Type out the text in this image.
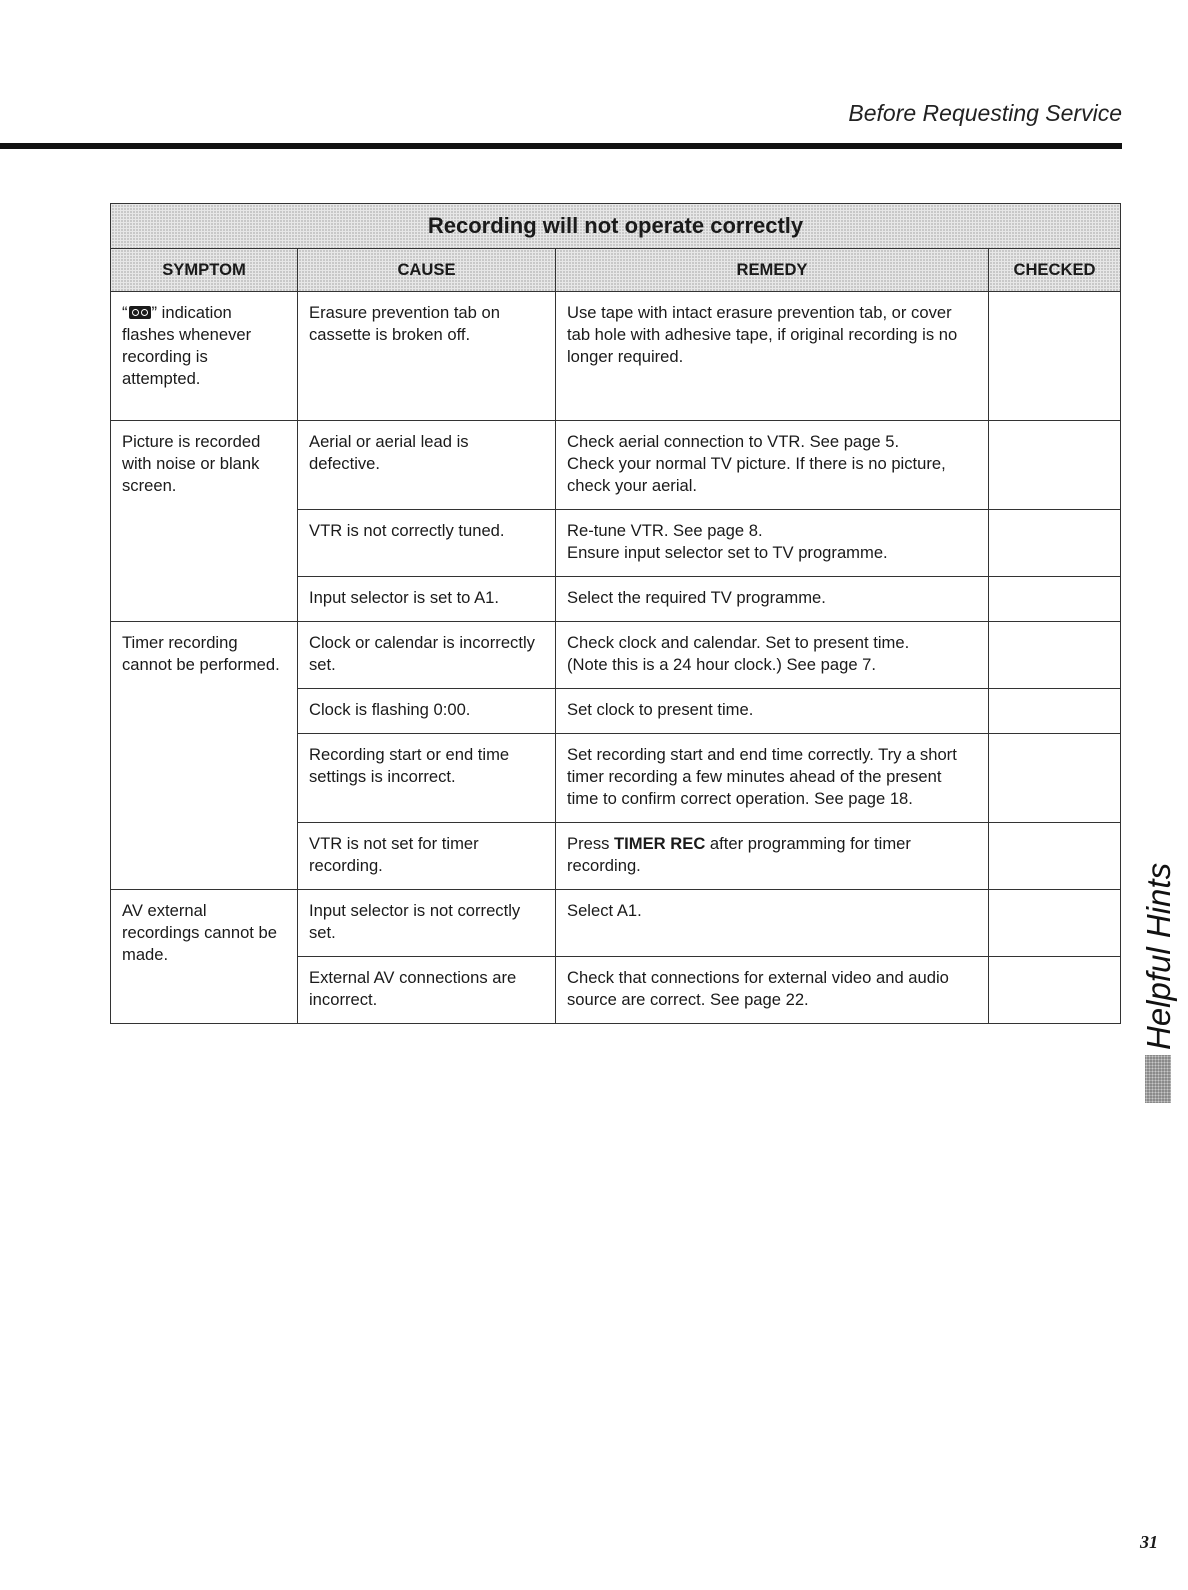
Before Requesting Service
Recording will not operate correctly			
SYMPTOM	CAUSE	REMEDY	CHECKED
“ ” indication flashes whenever recording is attempted.	Erasure prevention tab on cassette is broken off.	Use tape with intact erasure prevention tab, or cover tab hole with adhesive tape, if original recording is no longer required.	
Picture is recorded with noise or blank screen.	Aerial or aerial lead is defective.	Check aerial connection to VTR. See page 5.
Check your normal TV picture. If there is no picture, check your aerial.	

	VTR is not correctly tuned.	Re-tune VTR. See page 8.
Ensure input selector set to TV programme.	

	Input selector is set to A1.	Select the required TV programme.	
Timer recording cannot be performed.	Clock or calendar is incorrectly set.	Check clock and calendar. Set to present time.
(Note this is a 24 hour clock.) See page 7.	

	Clock is flashing 0:00.	Set clock to present time.	
	Recording start or end time settings is incorrect.	Set recording start and end time correctly. Try a short timer recording a few minutes ahead of the present time to confirm correct operation. See page 18.	
	VTR is not set for timer recording.	Press TIMER REC after programming for timer recording.	
AV external recordings cannot be made.	Input selector is not correctly set.	Select A1.	
	External AV connections are incorrect.	Check that connections for external video and audio source are correct. See page 22.		Helpful Hints
31
